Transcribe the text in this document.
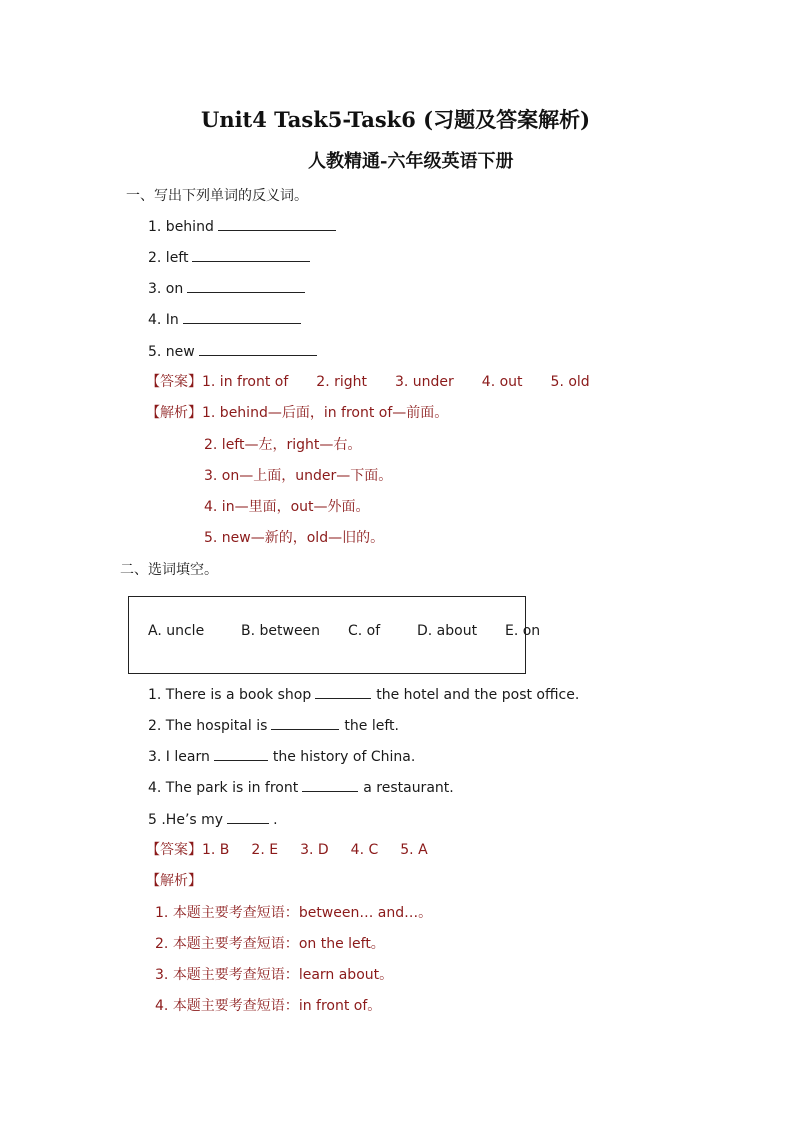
Unit4 Task5-Task6 (习题及答案解析)
人教精通-六年级英语下册
一、写出下列单词的反义词。
1. behind
2. left
3. on
4. In
5. new
【答案】1. in front of 2. right 3. under 4. out 5. old
【解析】1. behind—后面，in front of—前面。
2. left—左，right—右。
3. on—上面，under—下面。
4. in—里面，out—外面。
5. new—新的，old—旧的。
二、选词填空。
A. uncle	B. between C. of	D. about E. on
1. There is a book shop	the hotel and the post office.
2. The hospital is	the left.
3. I learn	the history of China.
4. The park is in front	a restaurant.
5 .He’s my	.
【答案】1. B 2. E 3. D 4. C 5. A
【解析】
1. 本题主要考查短语：between… and…。
2. 本题主要考查短语：on the left。
3. 本题主要考查短语：learn about。
4. 本题主要考查短语：in front of。
